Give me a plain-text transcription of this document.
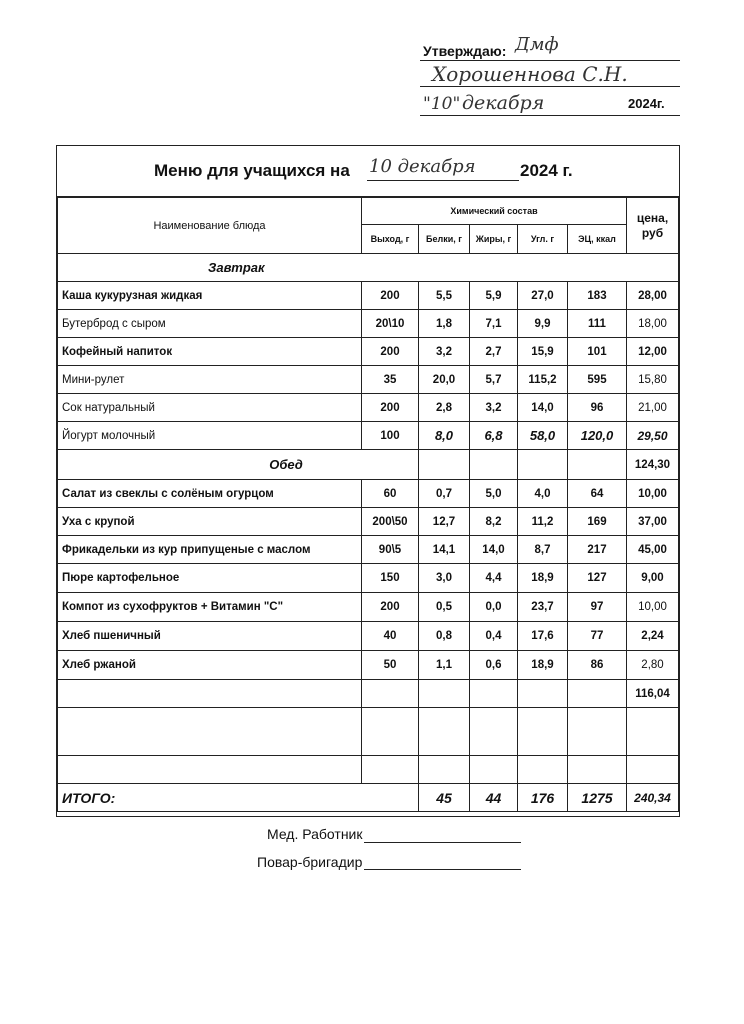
Утверждаю: Дмф
Хорошеннова С.Н.
"10" декабря	2024г.
Меню для учащихся на 10 декабря	2024 г.
Наименование блюда	Химический состав					цена,
руб

	Выход, г	Белки, г	Жиры, г	Угл. г	ЭЦ, ккал	
Завтрак						
Каша кукурузная жидкая	200	5,5	5,9	27,0	183	28,00
Бутерброд с сыром	20\10	1,8	7,1	9,9	111	18,00
Кофейный напиток	200	3,2	2,7	15,9	101	12,00
Мини-рулет	35	20,0	5,7	115,2	595	15,80
Сок натуральный	200	2,8	3,2	14,0	96	21,00
Йогурт молочный	100	8,0	6,8	58,0	120,0	29,50
Обед						124,30
Салат из свеклы с солёным огурцом	60	0,7	5,0	4,0	64	10,00
Уха с крупой	200\50	12,7	8,2	11,2	169	37,00
Фрикадельки из кур припущеные с маслом	90\5	14,1	14,0	8,7	217	45,00
Пюре картофельное	150	3,0	4,4	18,9	127	9,00
Компот из сухофруктов + Витамин "С"	200	0,5	0,0	23,7	97	10,00
Хлеб пшеничный	40	0,8	0,4	17,6	77	2,24
Хлеб ржаной	50	1,1	0,6	18,9	86	2,80
						116,04

ИТОГО:		45	44	176	1275	240,34
Мед. Работник
Повар-бригадир
